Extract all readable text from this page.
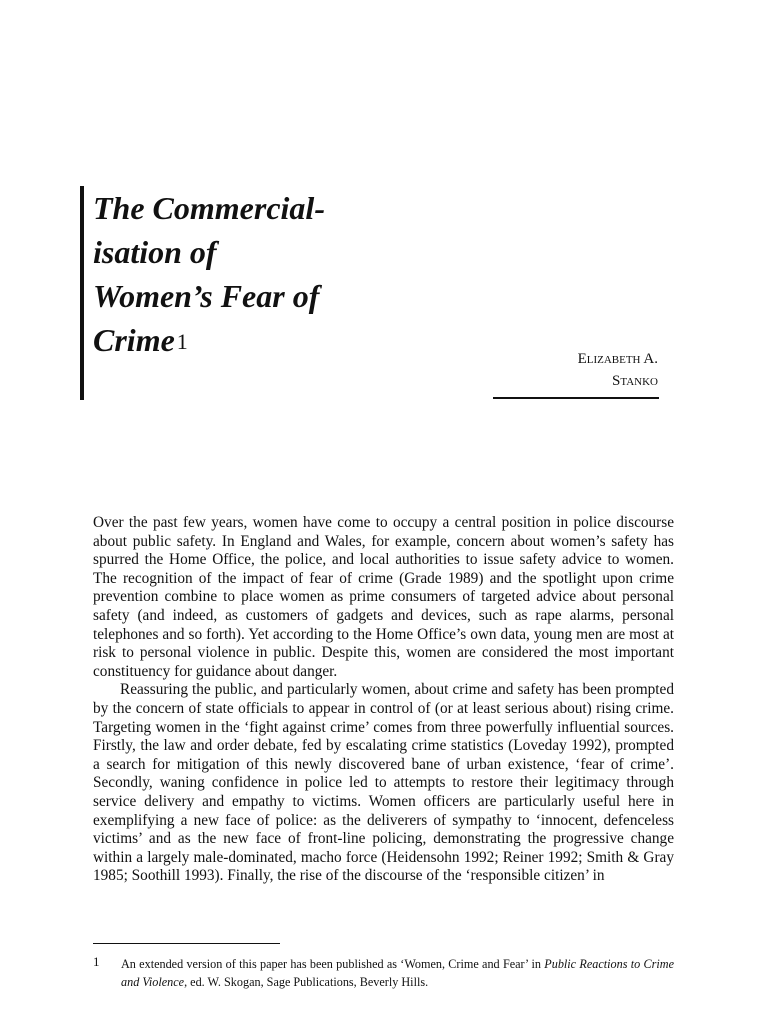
The Commercial-
isation of
Women’s Fear of
Crime$^1$
Elizabeth A.
Stanko

Over the past few years, women have come to occupy a central position in police discourse about public safety. In England and Wales, for example, concern about women’s safety has spurred the Home Office, the police, and local authorities to issue safety advice to women. The recognition of the impact of fear of crime (Grade 1989) and the spotlight upon crime prevention combine to place women as prime consumers of targeted advice about personal safety (and indeed, as customers of gadgets and devices, such as rape alarms, personal telephones and so forth). Yet according to the Home Office’s own data, young men are most at risk to personal violence in public. Despite this, women are considered the most important constituency for guidance about danger.

Reassuring the public, and particularly women, about crime and safety has been prompted by the concern of state officials to appear in control of (or at least serious about) rising crime. Targeting women in the ‘fight against crime’ comes from three powerfully influential sources. Firstly, the law and order debate, fed by escalating crime statistics (Loveday 1992), prompted a search for mitigation of this newly discovered bane of urban existence, ‘fear of crime’. Secondly, waning confidence in police led to attempts to restore their legitimacy through service delivery and empathy to victims. Women officers are particularly useful here in exemplifying a new face of police: as the deliverers of sympathy to ‘innocent, defenceless victims’ and as the new face of front-line policing, demonstrating the progressive change within a largely male-dominated, macho force (Heidensohn 1992; Reiner 1992; Smith & Gray 1985; Soothill 1993). Finally, the rise of the discourse of the ‘responsible citizen’ in

1 An extended version of this paper has been published as ‘Women, Crime and Fear’ in Public Reactions to Crime and Violence, ed. W. Skogan, Sage Publications, Beverly Hills.
